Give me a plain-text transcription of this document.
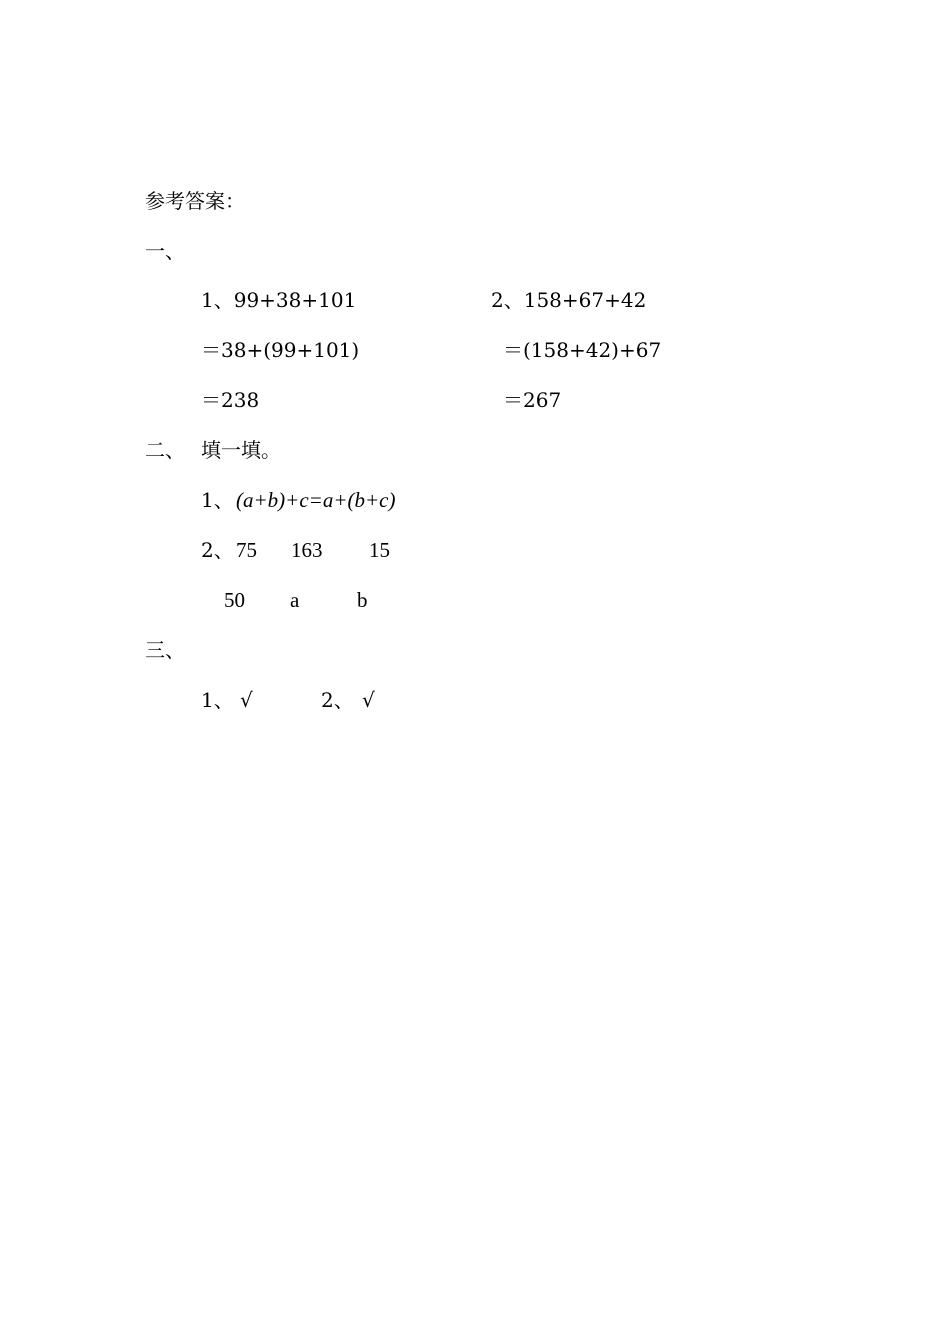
参考答案：
一、
1、99+38+101
＝38+(99+101)
＝238
2、158+67+42
＝(158+42)+67
＝267
二、 填一填。
1、 (a+b)+c=a+(b+c)
2、 75 163 15
50 a	b
三、
1、 √	2、 √
